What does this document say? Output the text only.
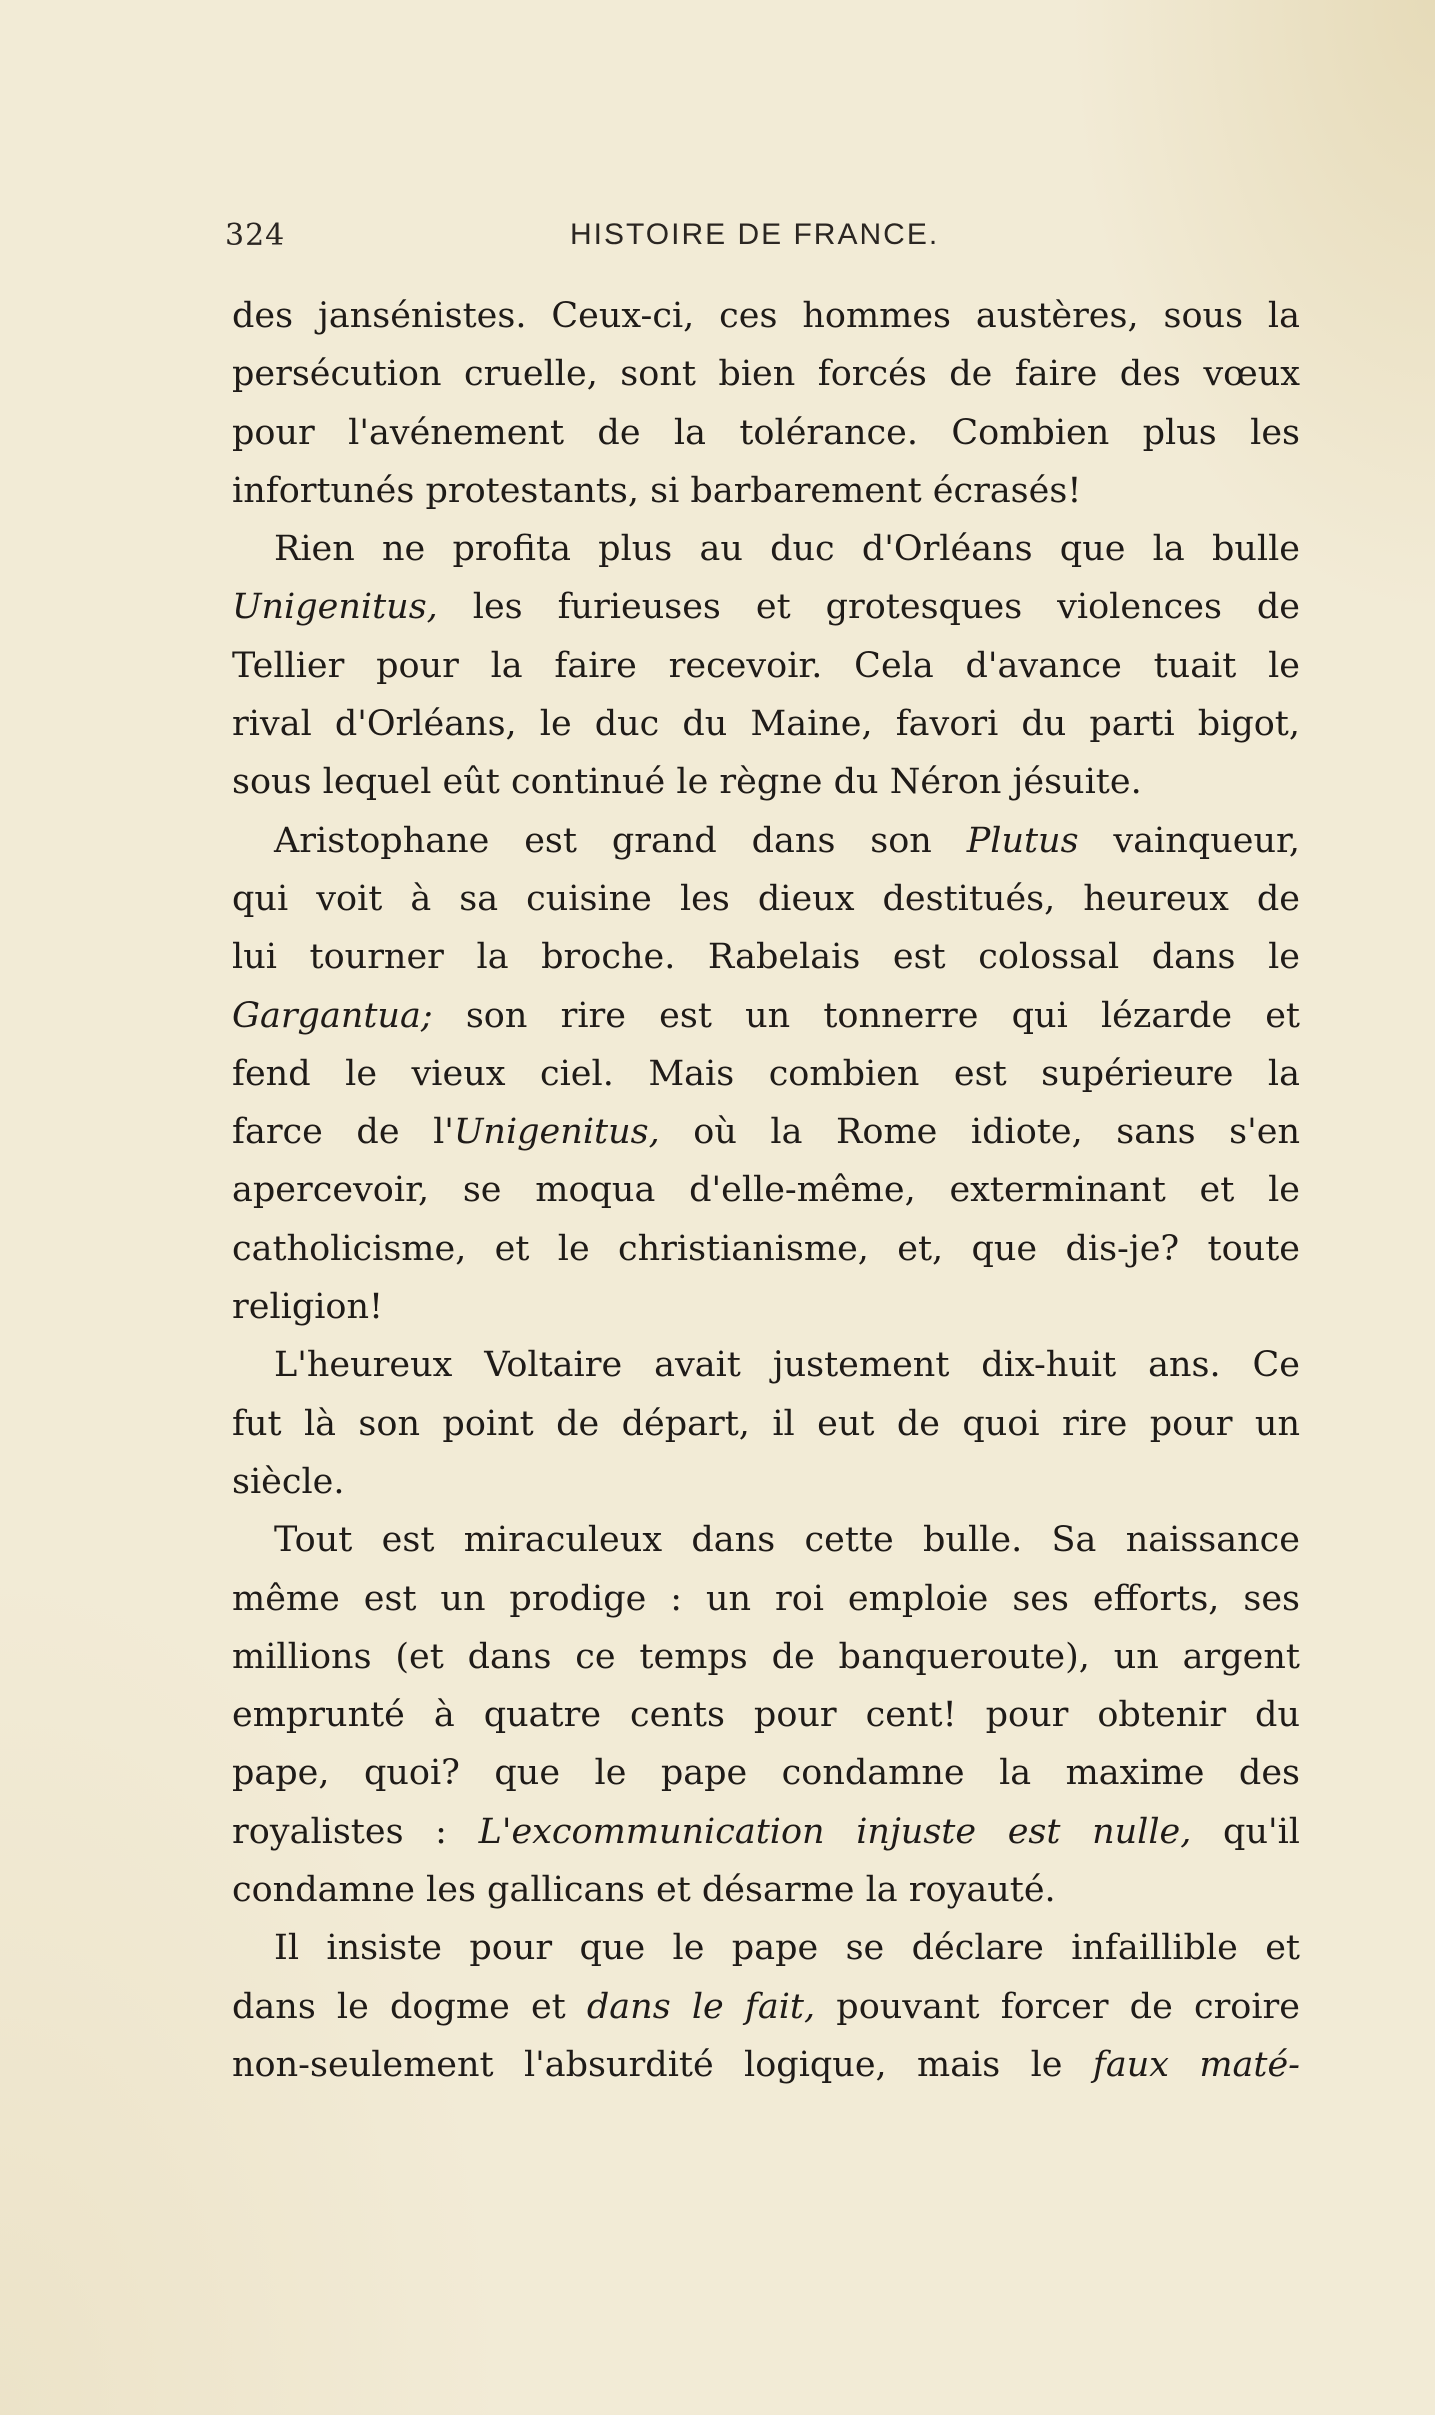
324	HISTOIRE DE FRANCE.

des jansénistes. Ceux-ci, ces hommes austères, sous la
persécution cruelle, sont bien forcés de faire des vœux
pour l'avénement de la tolérance. Combien plus les
infortunés protestants, si barbarement écrasés!

Rien ne profita plus au duc d'Orléans que la bulle
Unigenitus, les furieuses et grotesques violences de
Tellier pour la faire recevoir. Cela d'avance tuait le
rival d'Orléans, le duc du Maine, favori du parti bigot,
sous lequel eût continué le règne du Néron jésuite.

Aristophane est grand dans son Plutus vainqueur,
qui voit à sa cuisine les dieux destitués, heureux de
lui tourner la broche. Rabelais est colossal dans le
Gargantua; son rire est un tonnerre qui lézarde et
fend le vieux ciel. Mais combien est supérieure la
farce de l'Unigenitus, où la Rome idiote, sans s'en
apercevoir, se moqua d'elle-même, exterminant et le
catholicisme, et le christianisme, et, que dis-je? toute
religion!

L'heureux Voltaire avait justement dix-huit ans. Ce
fut là son point de départ, il eut de quoi rire pour un
siècle.

Tout est miraculeux dans cette bulle. Sa naissance
même est un prodige : un roi emploie ses efforts, ses
millions (et dans ce temps de banqueroute), un argent
emprunté à quatre cents pour cent! pour obtenir du
pape, quoi? que le pape condamne la maxime des
royalistes : L'excommunication injuste est nulle, qu'il
condamne les gallicans et désarme la royauté.

Il insiste pour que le pape se déclare infaillible et
dans le dogme et dans le fait, pouvant forcer de croire
non-seulement l'absurdité logique, mais le faux maté-
